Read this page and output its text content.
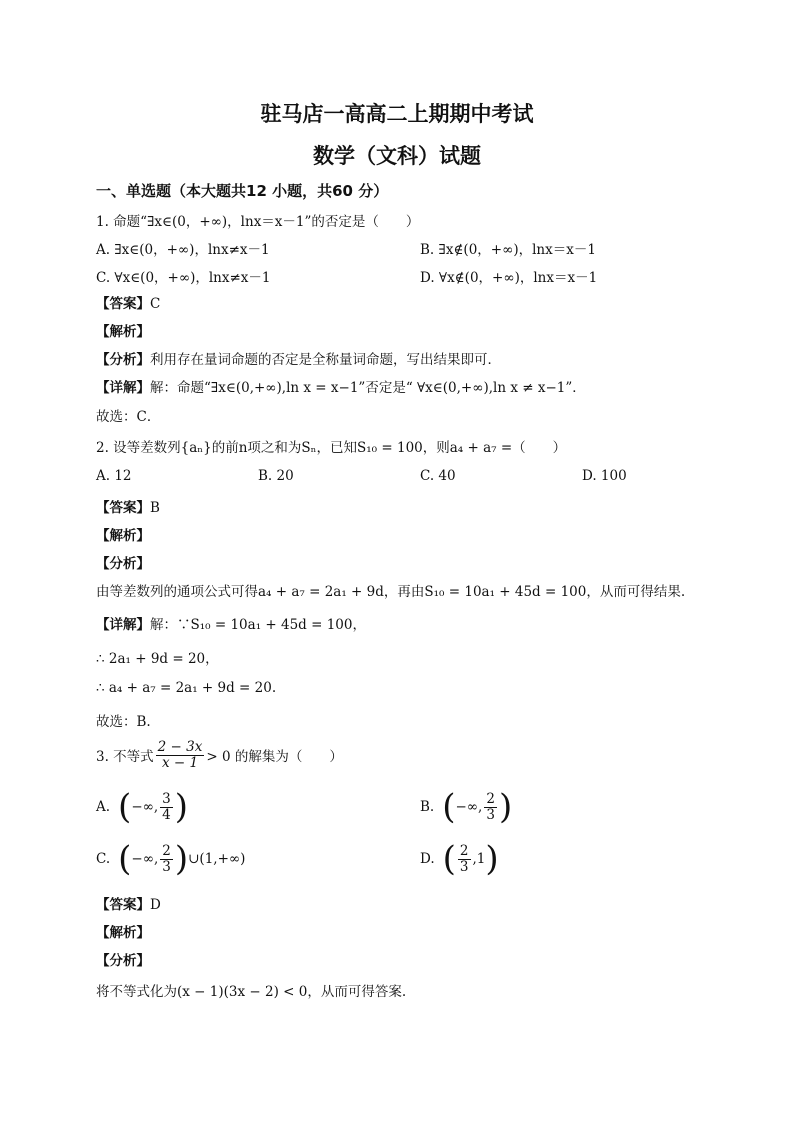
驻马店一高高二上期期中考试
数学（文科）试题
一、单选题（本大题共12 小题，共60 分）
1. 命题“∃x∈(0，+∞)，lnx＝x－1”的否定是（　　）
A. ∃x∈(0，+∞)，lnx≠x－1	B. ∃x∉(0，+∞)，lnx＝x－1
C. ∀x∈(0，+∞)，lnx≠x－1	D. ∀x∉(0，+∞)，lnx＝x－1
【答案】C
【解析】
【分析】利用存在量词命题的否定是全称量词命题，写出结果即可．
【详解】解：命题“∃x∈(0,+∞),ln x = x−1”否定是“ ∀x∈(0,+∞),ln x ≠ x−1”．
故选：C．
2. 设等差数列{aₙ}的前n项之和为Sₙ，已知S₁₀ = 100，则a₄ + a₇ =（　　）
A. 12	B. 20	C. 40	D. 100
【答案】B
【解析】
【分析】
由等差数列的通项公式可得a₄ + a₇ = 2a₁ + 9d，再由S₁₀ = 10a₁ + 45d = 100，从而可得结果.
【详解】解：∵S₁₀ = 10a₁ + 45d = 100，
∴ 2a₁ + 9d = 20，
∴ a₄ + a₇ = 2a₁ + 9d = 20.
故选：B.
3. 不等式 $\frac{2 - 3x}{x - 1} > 0$ 的解集为（　　）
A. ( −∞, $\frac{3}{4}$ )	B. ( −∞, $\frac{2}{3}$ )
C. ( −∞, $\frac{2}{3}$ ) ∪(1,+∞)	D. ( $\frac{2}{3} ,1$ )
【答案】D
【解析】
【分析】
将不等式化为(x − 1)(3x − 2) < 0，从而可得答案.
